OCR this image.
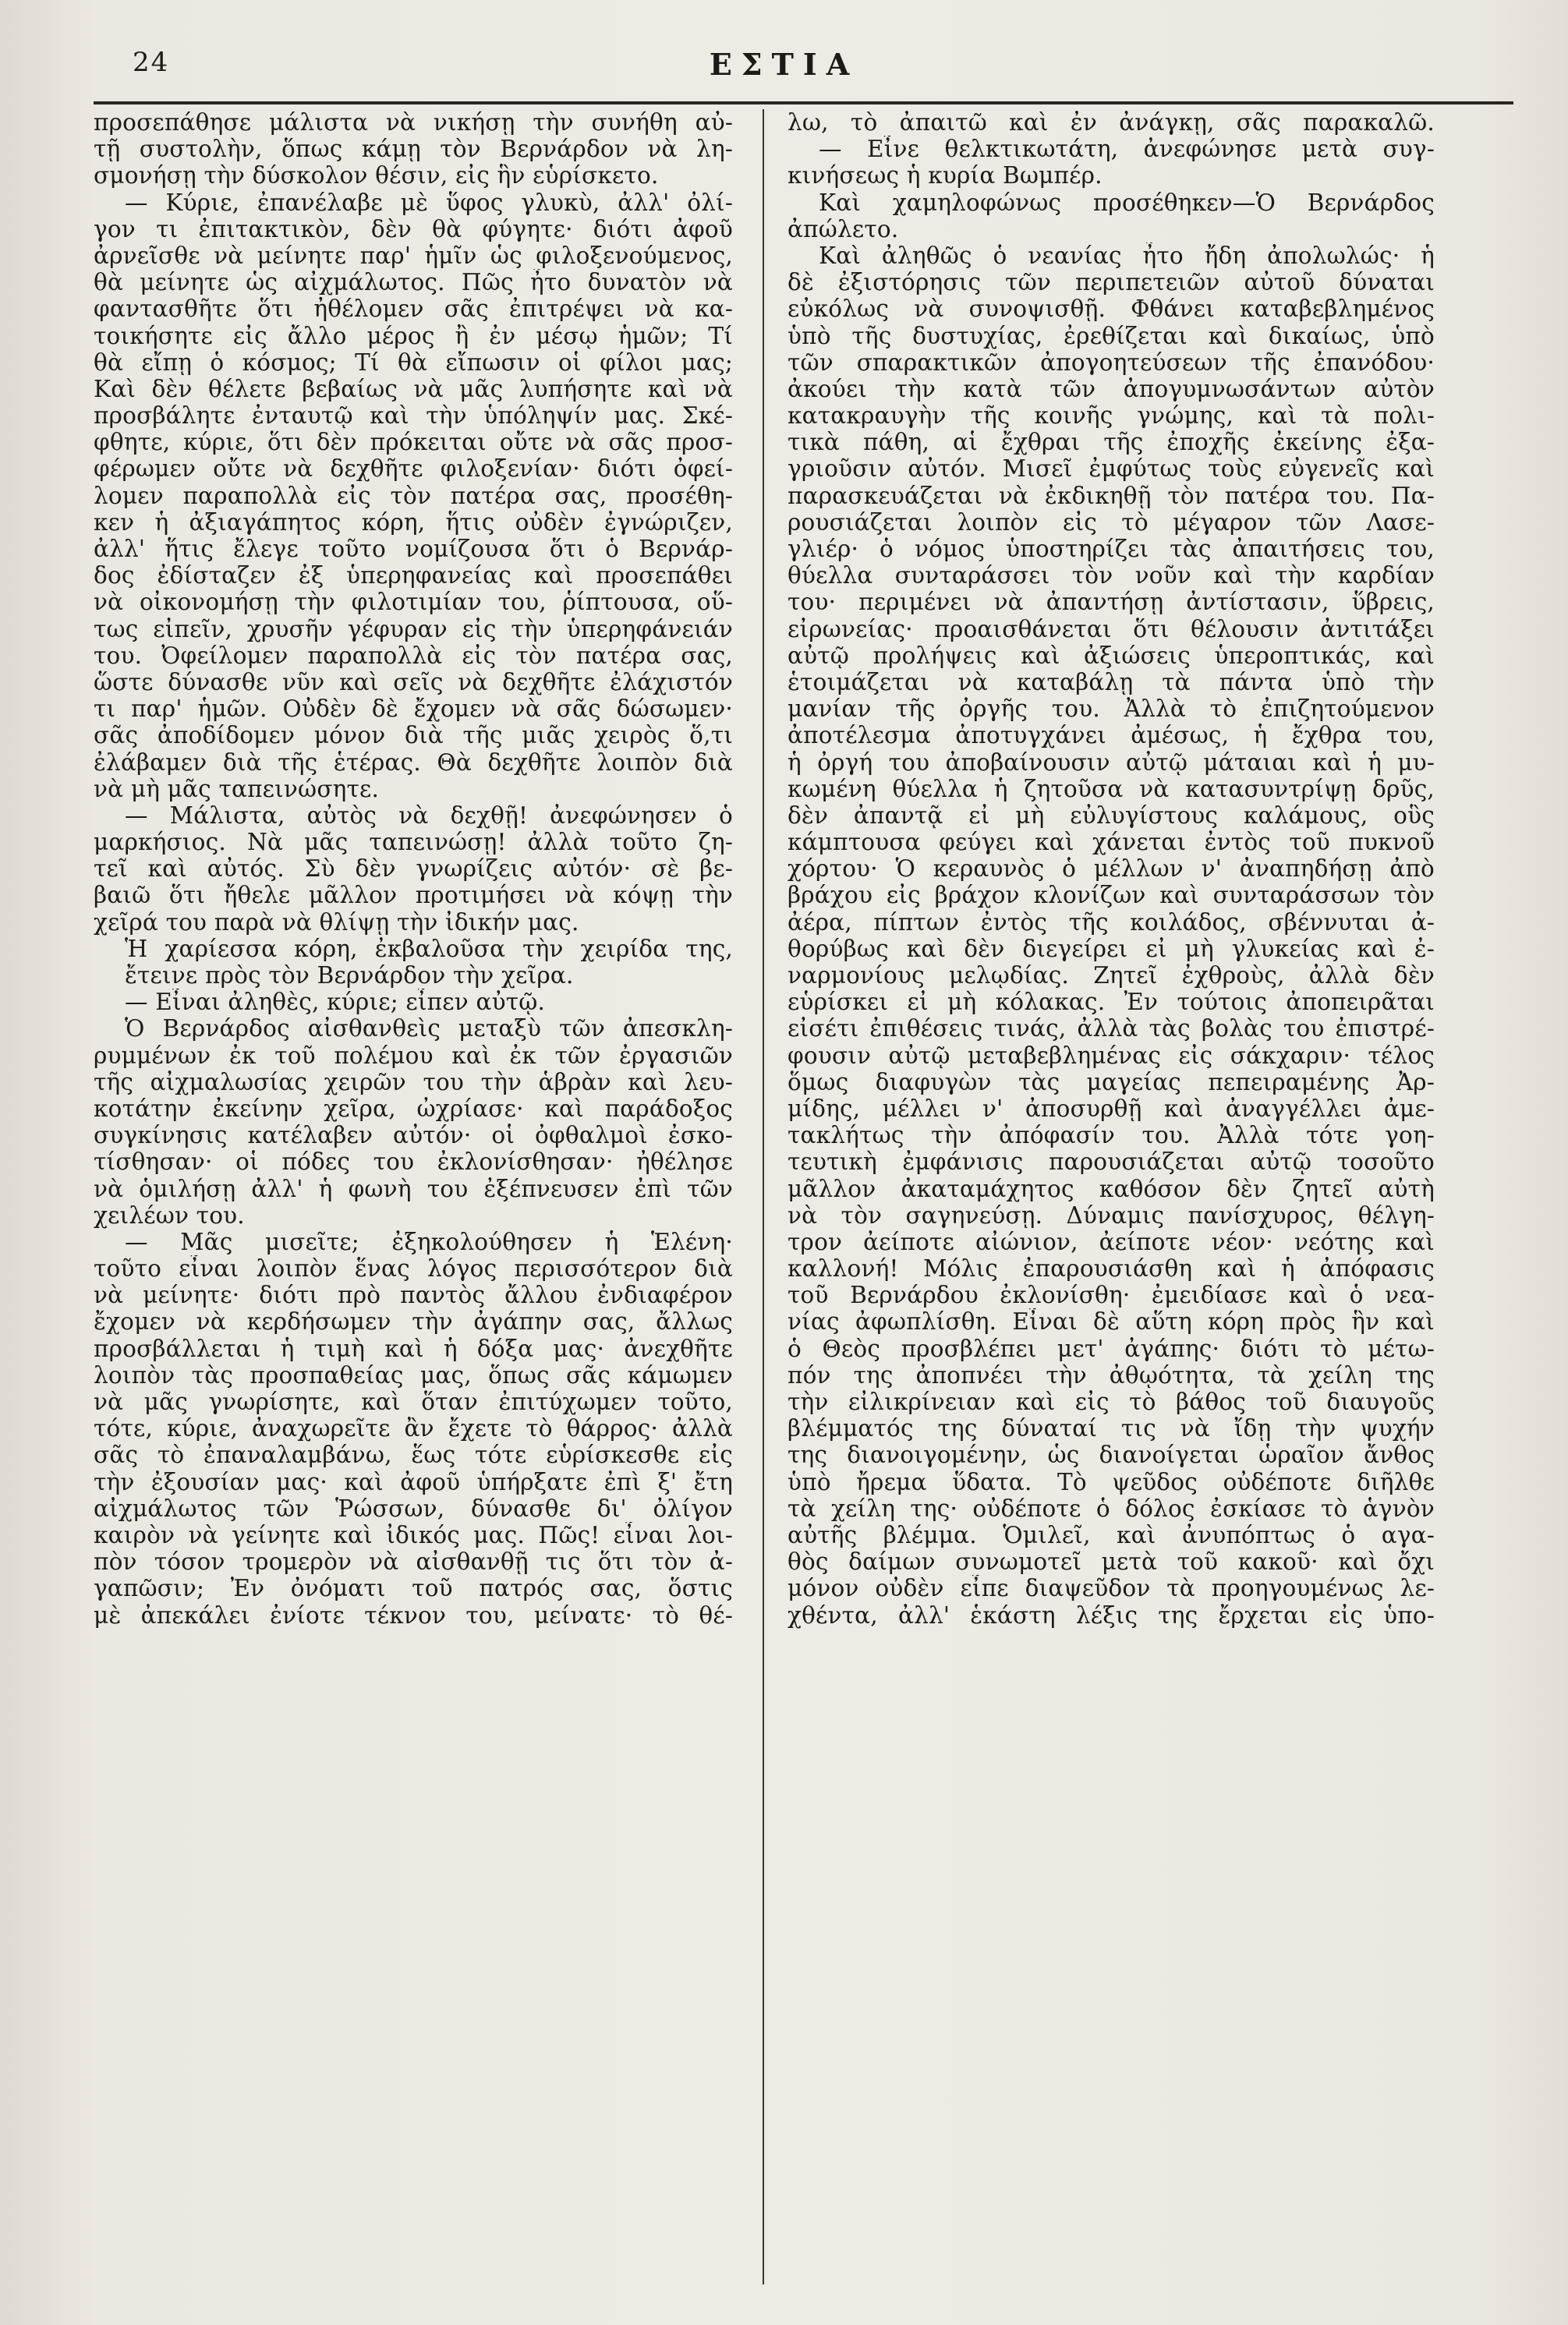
24	ΕΣΤΙΑ
προσεπάθησε μάλιστα νὰ νικήσῃ τὴν συνήθη αὐ-
τῇ συστολὴν, ὅπως κάμῃ τὸν Βερνάρδον νὰ λη-
σμονήσῃ τὴν δύσκολον θέσιν, εἰς ἣν εὑρίσκετο.
— Κύριε, ἐπανέλαβε μὲ ὕφος γλυκὺ, ἀλλ' ὀλί-
γον τι ἐπιτακτικὸν, δὲν θὰ φύγητε· διότι ἀφοῦ
ἀρνεῖσθε νὰ μείνητε παρ' ἡμῖν ὡς φιλοξενούμενος,
θὰ μείνητε ὡς αἰχμάλωτος. Πῶς ἦτο δυνατὸν νὰ
φαντασθῆτε ὅτι ἠθέλομεν σᾶς ἐπιτρέψει νὰ κα-
τοικήσητε εἰς ἄλλο μέρος ἢ ἐν μέσῳ ἡμῶν; Τί
θὰ εἴπῃ ὁ κόσμος; Τί θὰ εἴπωσιν οἱ φίλοι μας;
Καὶ δὲν θέλετε βεβαίως νὰ μᾶς λυπήσητε καὶ νὰ
προσβάλητε ἐνταυτῷ καὶ τὴν ὑπόληψίν μας. Σκέ-
φθητε, κύριε, ὅτι δὲν πρόκειται οὔτε νὰ σᾶς προσ-
φέρωμεν οὔτε νὰ δεχθῆτε φιλοξενίαν· διότι ὀφεί-
λομεν παραπολλὰ εἰς τὸν πατέρα σας, προσέθη-
κεν ἡ ἀξιαγάπητος κόρη, ἥτις οὐδὲν ἐγνώριζεν,
ἀλλ' ἥτις ἔλεγε τοῦτο νομίζουσα ὅτι ὁ Βερνάρ-
δος ἐδίσταζεν ἐξ ὑπερηφανείας καὶ προσεπάθει
νὰ οἰκονομήσῃ τὴν φιλοτιμίαν του, ῥίπτουσα, οὕ-
τως εἰπεῖν, χρυσῆν γέφυραν εἰς τὴν ὑπερηφάνειάν
του. Ὀφείλομεν παραπολλὰ εἰς τὸν πατέρα σας,
ὥστε δύνασθε νῦν καὶ σεῖς νὰ δεχθῆτε ἐλάχιστόν
τι παρ' ἡμῶν. Οὐδὲν δὲ ἔχομεν νὰ σᾶς δώσωμεν·
σᾶς ἀποδίδομεν μόνον διὰ τῆς μιᾶς χειρὸς ὅ,τι
ἐλάβαμεν διὰ τῆς ἑτέρας. Θὰ δεχθῆτε λοιπὸν διὰ
νὰ μὴ μᾶς ταπεινώσητε.
— Μάλιστα, αὐτὸς νὰ δεχθῇ! ἀνεφώνησεν ὁ
μαρκήσιος. Νὰ μᾶς ταπεινώσῃ! ἀλλὰ τοῦτο ζη-
τεῖ καὶ αὐτός. Σὺ δὲν γνωρίζεις αὐτόν· σὲ βε-
βαιῶ ὅτι ἤθελε μᾶλλον προτιμήσει νὰ κόψῃ τὴν
χεῖρά του παρὰ νὰ θλίψῃ τὴν ἰδικήν μας.
Ἡ χαρίεσσα κόρη, ἐκβαλοῦσα τὴν χειρίδα της,
ἔτεινε πρὸς τὸν Βερνάρδον τὴν χεῖρα.
— Εἶναι ἀληθὲς, κύριε; εἶπεν αὐτῷ.
Ὁ Βερνάρδος αἰσθανθεὶς μεταξὺ τῶν ἀπεσκλη-
ρυμμένων ἐκ τοῦ πολέμου καὶ ἐκ τῶν ἐργασιῶν
τῆς αἰχμαλωσίας χειρῶν του τὴν ἁβρὰν καὶ λευ-
κοτάτην ἐκείνην χεῖρα, ὠχρίασε· καὶ παράδοξος
συγκίνησις κατέλαβεν αὐτόν· οἱ ὀφθαλμοὶ ἐσκο-
τίσθησαν· οἱ πόδες του ἐκλονίσθησαν· ἠθέλησε
νὰ ὁμιλήσῃ ἀλλ' ἡ φωνὴ του ἐξέπνευσεν ἐπὶ τῶν
χειλέων του.
— Μᾶς μισεῖτε; ἐξηκολούθησεν ἡ Ἑλένη·
τοῦτο εἶναι λοιπὸν ἕνας λόγος περισσότερον διὰ
νὰ μείνητε· διότι πρὸ παντὸς ἄλλου ἐνδιαφέρον
ἔχομεν νὰ κερδήσωμεν τὴν ἀγάπην σας, ἄλλως
προσβάλλεται ἡ τιμὴ καὶ ἡ δόξα μας· ἀνεχθῆτε
λοιπὸν τὰς προσπαθείας μας, ὅπως σᾶς κάμωμεν
νὰ μᾶς γνωρίσητε, καὶ ὅταν ἐπιτύχωμεν τοῦτο,
τότε, κύριε, ἀναχωρεῖτε ἂν ἔχετε τὸ θάρρος· ἀλλὰ
σᾶς τὸ ἐπαναλαμβάνω, ἕως τότε εὑρίσκεσθε εἰς
τὴν ἐξουσίαν μας· καὶ ἀφοῦ ὑπήρξατε ἐπὶ ξ' ἔτη
αἰχμάλωτος τῶν Ῥώσσων, δύνασθε δι' ὀλίγον
καιρὸν νὰ γείνητε καὶ ἰδικός μας. Πῶς! εἶναι λοι-
πὸν τόσον τρομερὸν νὰ αἰσθανθῇ τις ὅτι τὸν ἀ-
γαπῶσιν; Ἐν ὀνόματι τοῦ πατρός σας, ὅστις
μὲ ἀπεκάλει ἐνίοτε τέκνον του, μείνατε· τὸ θέ-
λω, τὸ ἀπαιτῶ καὶ ἐν ἀνάγκῃ, σᾶς παρακαλῶ.
— Εἶνε θελκτικωτάτη, ἀνεφώνησε μετὰ συγ-
κινήσεως ἡ κυρία Βωμπέρ.
Καὶ χαμηλοφώνως προσέθηκεν—Ὁ Βερνάρδος
ἀπώλετο.
Καὶ ἀληθῶς ὁ νεανίας ἦτο ἤδη ἀπολωλώς· ἡ
δὲ ἐξιστόρησις τῶν περιπετειῶν αὐτοῦ δύναται
εὐκόλως νὰ συνοψισθῇ. Φθάνει καταβεβλημένος
ὑπὸ τῆς δυστυχίας, ἐρεθίζεται καὶ δικαίως, ὑπὸ
τῶν σπαρακτικῶν ἀπογοητεύσεων τῆς ἐπανόδου·
ἀκούει τὴν κατὰ τῶν ἀπογυμνωσάντων αὐτὸν
κατακραυγὴν τῆς κοινῆς γνώμης, καὶ τὰ πολι-
τικὰ πάθη, αἱ ἔχθραι τῆς ἐποχῆς ἐκείνης ἐξα-
γριοῦσιν αὐτόν. Μισεῖ ἐμφύτως τοὺς εὐγενεῖς καὶ
παρασκευάζεται νὰ ἐκδικηθῇ τὸν πατέρα του. Πα-
ρουσιάζεται λοιπὸν εἰς τὸ μέγαρον τῶν Λασε-
γλιέρ· ὁ νόμος ὑποστηρίζει τὰς ἀπαιτήσεις του,
θύελλα συνταράσσει τὸν νοῦν καὶ τὴν καρδίαν
του· περιμένει νὰ ἀπαντήσῃ ἀντίστασιν, ὕβρεις,
εἰρωνείας· προαισθάνεται ὅτι θέλουσιν ἀντιτάξει
αὐτῷ προλήψεις καὶ ἀξιώσεις ὑπεροπτικάς, καὶ
ἑτοιμάζεται νὰ καταβάλῃ τὰ πάντα ὑπὸ τὴν
μανίαν τῆς ὀργῆς του. Ἀλλὰ τὸ ἐπιζητούμενον
ἀποτέλεσμα ἀποτυγχάνει ἀμέσως, ἡ ἔχθρα του,
ἡ ὀργή του ἀποβαίνουσιν αὐτῷ μάταιαι καὶ ἡ μυ-
κωμένη θύελλα ἡ ζητοῦσα νὰ κατασυντρίψῃ δρῦς,
δὲν ἀπαντᾷ εἰ μὴ εὐλυγίστους καλάμους, οὓς
κάμπτουσα φεύγει καὶ χάνεται ἐντὸς τοῦ πυκνοῦ
χόρτου· Ὁ κεραυνὸς ὁ μέλλων ν' ἀναπηδήσῃ ἀπὸ
βράχου εἰς βράχον κλονίζων καὶ συνταράσσων τὸν
ἀέρα, πίπτων ἐντὸς τῆς κοιλάδος, σβέννυται ἀ-
θορύβως καὶ δὲν διεγείρει εἰ μὴ γλυκείας καὶ ἐ-
ναρμονίους μελῳδίας. Ζητεῖ ἐχθροὺς, ἀλλὰ δὲν
εὑρίσκει εἰ μὴ κόλακας. Ἐν τούτοις ἀποπειρᾶται
εἰσέτι ἐπιθέσεις τινάς, ἀλλὰ τὰς βολὰς του ἐπιστρέ-
φουσιν αὐτῷ μεταβεβλημένας εἰς σάκχαριν· τέλος
ὅμως διαφυγὼν τὰς μαγείας πεπειραμένης Ἀρ-
μίδης, μέλλει ν' ἀποσυρθῇ καὶ ἀναγγέλλει ἀμε-
τακλήτως τὴν ἀπόφασίν του. Ἀλλὰ τότε γοη-
τευτικὴ ἐμφάνισις παρουσιάζεται αὐτῷ τοσοῦτο
μᾶλλον ἀκαταμάχητος καθόσον δὲν ζητεῖ αὐτὴ
νὰ τὸν σαγηνεύσῃ. Δύναμις πανίσχυρος, θέλγη-
τρον ἀείποτε αἰώνιον, ἀείποτε νέον· νεότης καὶ
καλλονή! Μόλις ἐπαρουσιάσθη καὶ ἡ ἀπόφασις
τοῦ Βερνάρδου ἐκλονίσθη· ἐμειδίασε καὶ ὁ νεα-
νίας ἀφωπλίσθη. Εἶναι δὲ αὕτη κόρη πρὸς ἣν καὶ
ὁ Θεὸς προσβλέπει μετ' ἀγάπης· διότι τὸ μέτω-
πόν της ἀποπνέει τὴν ἀθῳότητα, τὰ χείλη της
τὴν εἰλικρίνειαν καὶ εἰς τὸ βάθος τοῦ διαυγοῦς
βλέμματός της δύναταί τις νὰ ἴδῃ τὴν ψυχήν
της διανοιγομένην, ὡς διανοίγεται ὡραῖον ἄνθος
ὑπὸ ἤρεμα ὕδατα. Τὸ ψεῦδος οὐδέποτε διῆλθε
τὰ χείλη της· οὐδέποτε ὁ δόλος ἐσκίασε τὸ ἁγνὸν
αὐτῆς βλέμμα. Ὁμιλεῖ, καὶ ἀνυπόπτως ὁ αγα-
θὸς δαίμων συνωμοτεῖ μετὰ τοῦ κακοῦ· καὶ ὄχι
μόνον οὐδὲν εἶπε διαψεῦδον τὰ προηγουμένως λε-
χθέντα, ἀλλ' ἑκάστη λέξις της ἔρχεται εἰς ὑπο-
